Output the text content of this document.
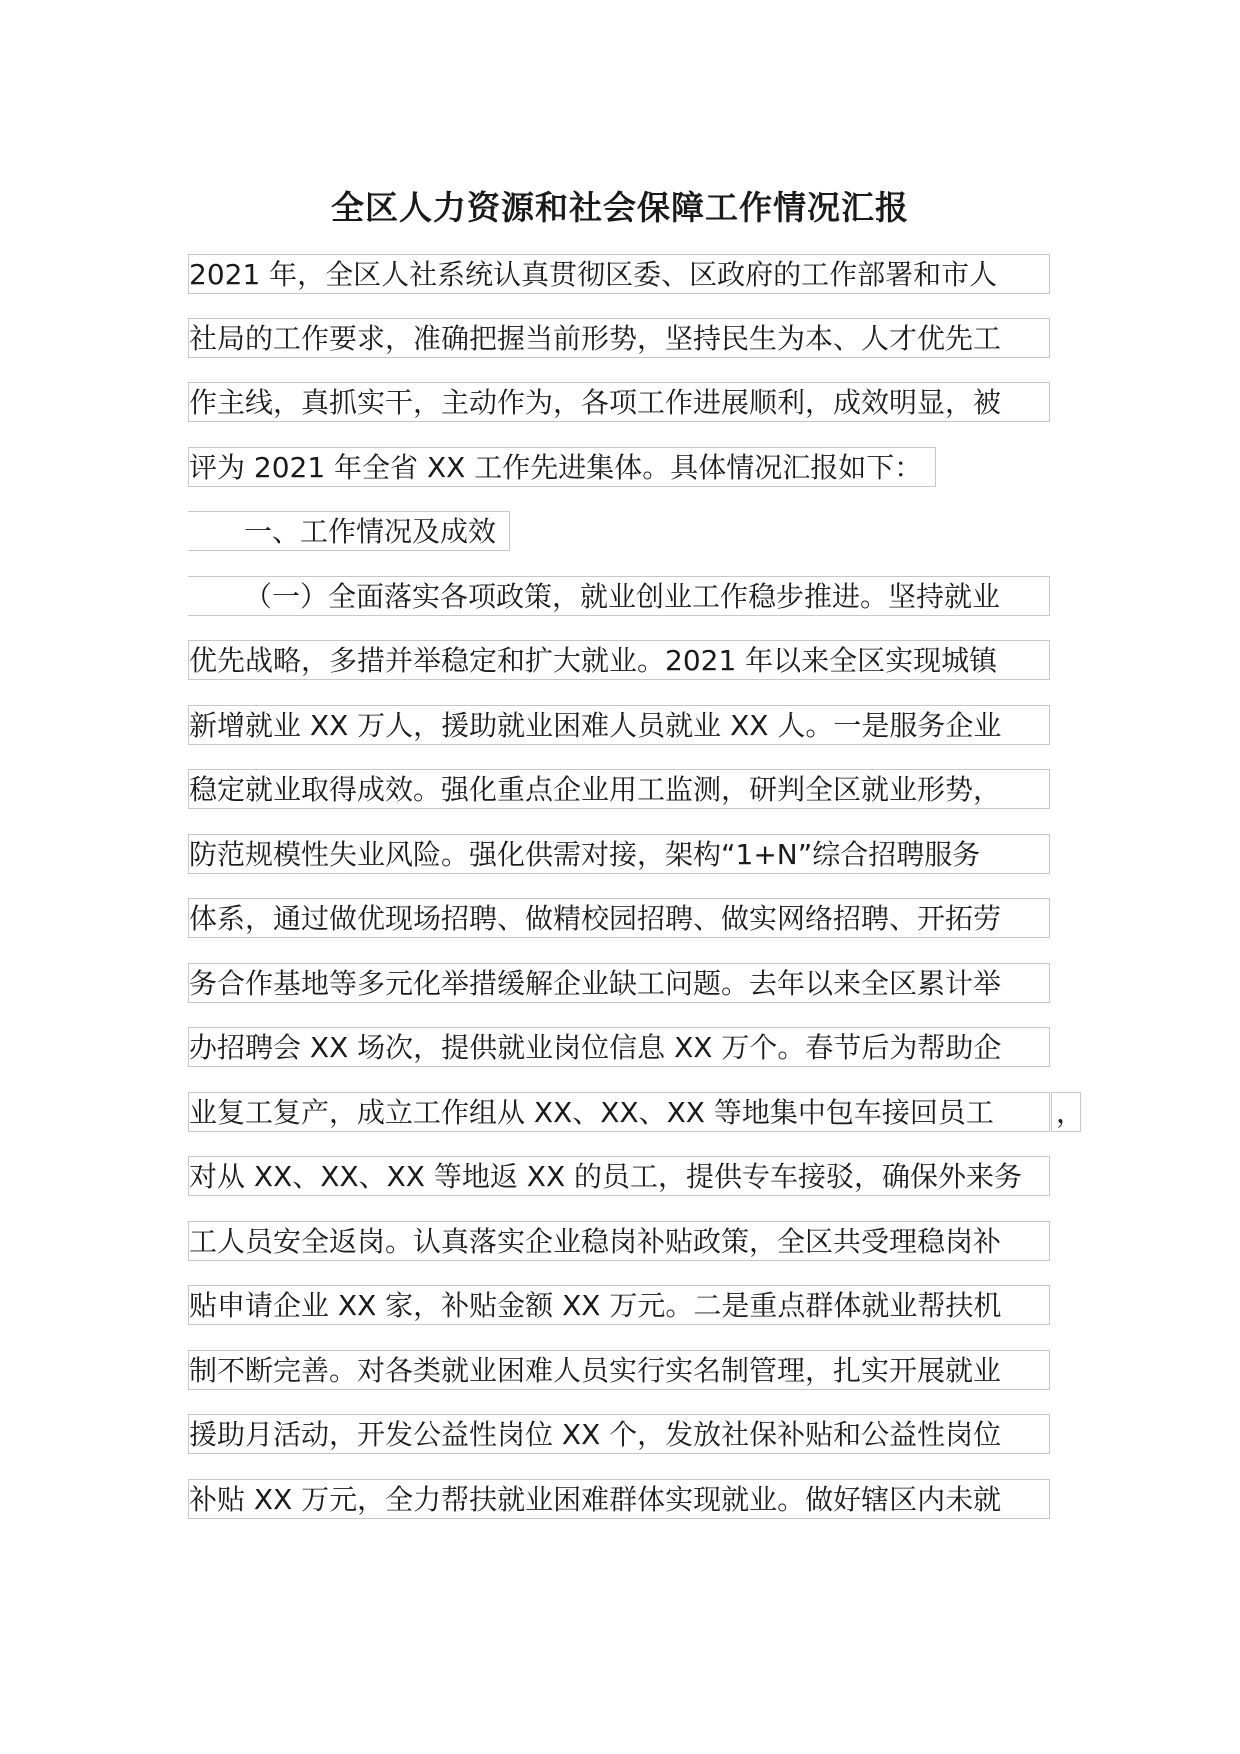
全区人力资源和社会保障工作情况汇报
2021 年，全区人社系统认真贯彻区委、区政府的工作部署和市人
社局的工作要求，准确把握当前形势，坚持民生为本、人才优先工
作主线，真抓实干，主动作为，各项工作进展顺利，成效明显，被
评为 2021 年全省 XX 工作先进集体。具体情况汇报如下：
一、工作情况及成效
（一）全面落实各项政策，就业创业工作稳步推进。坚持就业
优先战略，多措并举稳定和扩大就业。2021 年以来全区实现城镇
新增就业 XX 万人，援助就业困难人员就业 XX 人。一是服务企业
稳定就业取得成效。强化重点企业用工监测，研判全区就业形势，
防范规模性失业风险。强化供需对接，架构“1+N”综合招聘服务
体系，通过做优现场招聘、做精校园招聘、做实网络招聘、开拓劳
务合作基地等多元化举措缓解企业缺工问题。去年以来全区累计举
办招聘会 XX 场次，提供就业岗位信息 XX 万个。春节后为帮助企
业复工复产，成立工作组从 XX、XX、XX 等地集中包车接回员工	，
对从 XX、XX、XX 等地返 XX 的员工，提供专车接驳，确保外来务
工人员安全返岗。认真落实企业稳岗补贴政策，全区共受理稳岗补
贴申请企业 XX 家，补贴金额 XX 万元。二是重点群体就业帮扶机
制不断完善。对各类就业困难人员实行实名制管理，扎实开展就业
援助月活动，开发公益性岗位 XX 个，发放社保补贴和公益性岗位
补贴 XX 万元，全力帮扶就业困难群体实现就业。做好辖区内未就
